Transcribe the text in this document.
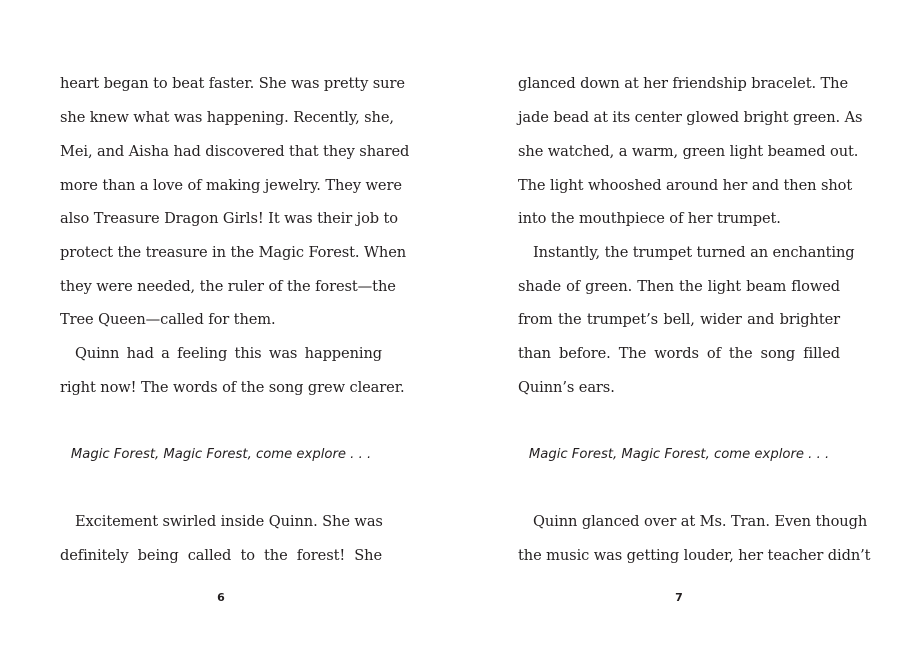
heart began to beat faster. She was pretty sure
she knew what was happening. Recently, she,
Mei, and Aisha had discovered that they shared
more than a love of making jewelry. They were
also Treasure Dragon Girls! It was their job to
protect the treasure in the Magic Forest. When
they were needed, the ruler of the forest—the
Tree Queen—called for them.
Quinn had a feeling this was happening
right now! The words of the song grew clearer.
Magic Forest, Magic Forest, come explore . . .
Excitement swirled inside Quinn. She was
definitely being called to the forest! She
6
glanced down at her friendship bracelet. The
jade bead at its center glowed bright green. As
she watched, a warm, green light beamed out.
The light whooshed around her and then shot
into the mouthpiece of her trumpet.
Instantly, the trumpet turned an enchanting
shade of green. Then the light beam flowed
from the trumpet’s bell, wider and brighter
than before. The words of the song filled
Quinn’s ears.
Magic Forest, Magic Forest, come explore . . .
Quinn glanced over at Ms. Tran. Even though
the music was getting louder, her teacher didn’t
7
